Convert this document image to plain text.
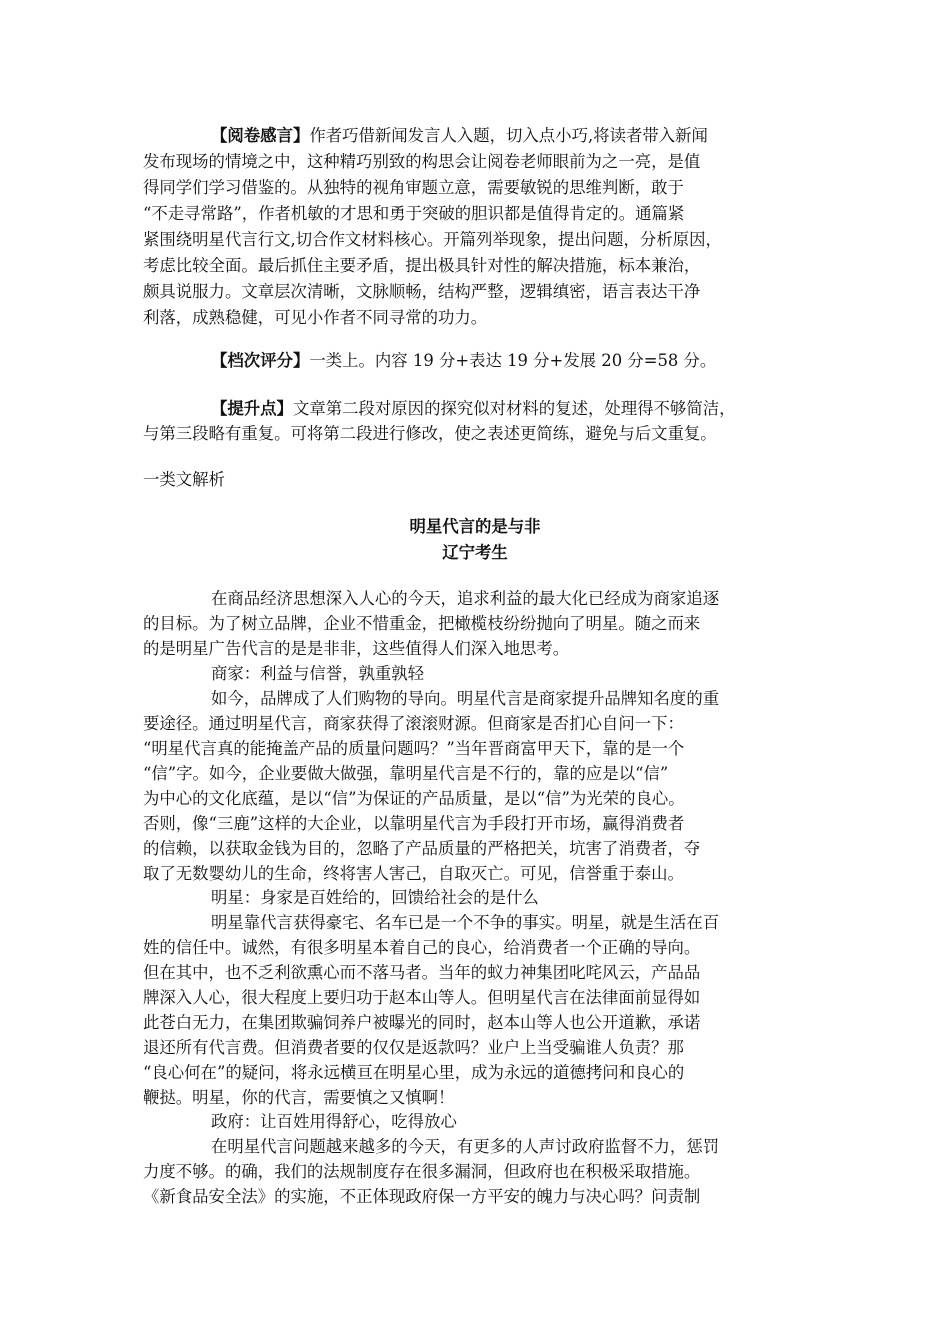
【阅卷感言】作者巧借新闻发言人入题，切入点小巧,将读者带入新闻
发布现场的情境之中，这种精巧别致的构思会让阅卷老师眼前为之一亮，是值
得同学们学习借鉴的。从独特的视角审题立意，需要敏锐的思维判断，敢于
“不走寻常路”，作者机敏的才思和勇于突破的胆识都是值得肯定的。通篇紧
紧围绕明星代言行文,切合作文材料核心。开篇列举现象，提出问题，分析原因，
考虑比较全面。最后抓住主要矛盾，提出极具针对性的解决措施，标本兼治，
颇具说服力。文章层次清晰，文脉顺畅，结构严整，逻辑缜密，语言表达干净
利落，成熟稳健，可见小作者不同寻常的功力。
【档次评分】一类上。内容 19 分+表达 19 分+发展 20 分=58 分。
【提升点】文章第二段对原因的探究似对材料的复述，处理得不够简洁，
与第三段略有重复。可将第二段进行修改，使之表述更简练，避免与后文重复。
一类文解析
明星代言的是与非
辽宁考生
在商品经济思想深入人心的今天，追求利益的最大化已经成为商家追逐
的目标。为了树立品牌，企业不惜重金，把橄榄枝纷纷抛向了明星。随之而来
的是明星广告代言的是是非非，这些值得人们深入地思考。
商家：利益与信誉，孰重孰轻
如今，品牌成了人们购物的导向。明星代言是商家提升品牌知名度的重
要途径。通过明星代言，商家获得了滚滚财源。但商家是否扪心自问一下：
“明星代言真的能掩盖产品的质量问题吗？”当年晋商富甲天下，靠的是一个
“信”字。如今，企业要做大做强，靠明星代言是不行的，靠的应是以“信”
为中心的文化底蕴，是以“信”为保证的产品质量，是以“信”为光荣的良心。
否则，像“三鹿”这样的大企业，以靠明星代言为手段打开市场，赢得消费者
的信赖，以获取金钱为目的，忽略了产品质量的严格把关，坑害了消费者，夺
取了无数婴幼儿的生命，终将害人害己，自取灭亡。可见，信誉重于泰山。
明星：身家是百姓给的，回馈给社会的是什么
明星靠代言获得豪宅、名车已是一个不争的事实。明星，就是生活在百
姓的信任中。诚然，有很多明星本着自己的良心，给消费者一个正确的导向。
但在其中，也不乏利欲熏心而不落马者。当年的蚁力神集团叱咤风云，产品品
牌深入人心，很大程度上要归功于赵本山等人。但明星代言在法律面前显得如
此苍白无力，在集团欺骗饲养户被曝光的同时，赵本山等人也公开道歉，承诺
退还所有代言费。但消费者要的仅仅是返款吗？业户上当受骗谁人负责？那
“良心何在”的疑问，将永远横亘在明星心里，成为永远的道德拷问和良心的
鞭挞。明星，你的代言，需要慎之又慎啊！
政府：让百姓用得舒心，吃得放心
在明星代言问题越来越多的今天，有更多的人声讨政府监督不力，惩罚
力度不够。的确，我们的法规制度存在很多漏洞，但政府也在积极采取措施。
《新食品安全法》的实施，不正体现政府保一方平安的魄力与决心吗？问责制
